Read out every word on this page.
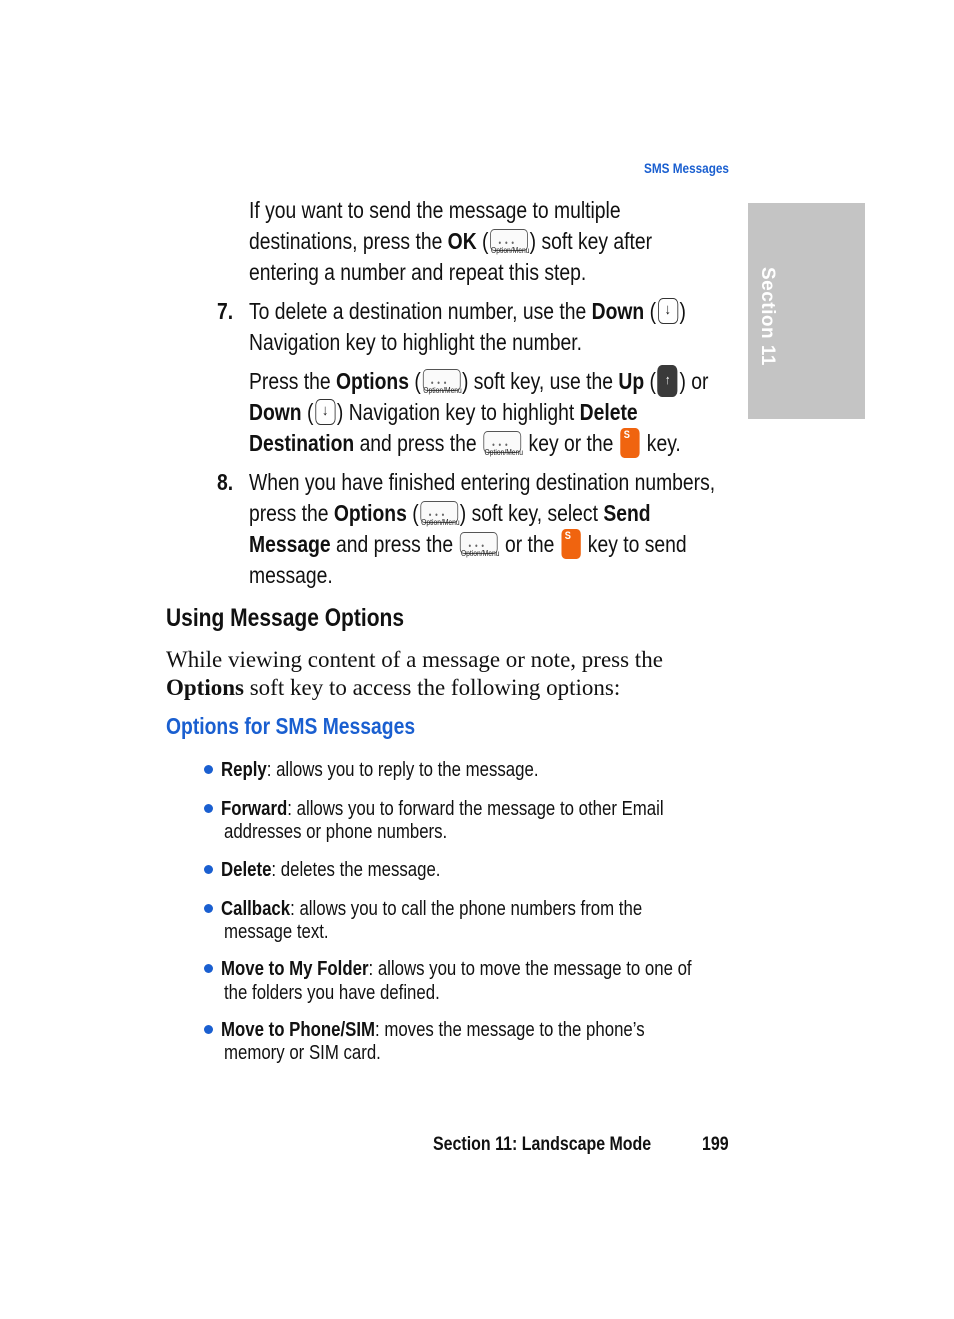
SMS Messages
Section 11
If you want to send the message to multiple
destinations, press the OK ( Option/Menu
• • • ) soft key after
entering a number and repeat this step.
7. To delete a destination number, use the Down ( ↓ )
Navigation key to highlight the number.
Press the Options ( Option/Menu
• • • ) soft key, use the Up ( ↑ ) or
Down ( ↓ ) Navigation key to highlight Delete
Destination and press the Option/Menu
• • • key or the S key.
8. When you have finished entering destination numbers,
press the Options ( Option/Menu
• • • ) soft key, select Send
Message and press the Option/Menu
• • • or the S key to send
message.
Using Message Options
While viewing content of a message or note, press the
Options soft key to access the following options:
Options for SMS Messages
Reply: allows you to reply to the message.
Forward: allows you to forward the message to other Email
addresses or phone numbers.
Delete: deletes the message.
Callback: allows you to call the phone numbers from the
message text.
Move to My Folder: allows you to move the message to one of
the folders you have defined.
Move to Phone/SIM: moves the message to the phone’s
memory or SIM card.
Section 11: Landscape Mode	199
